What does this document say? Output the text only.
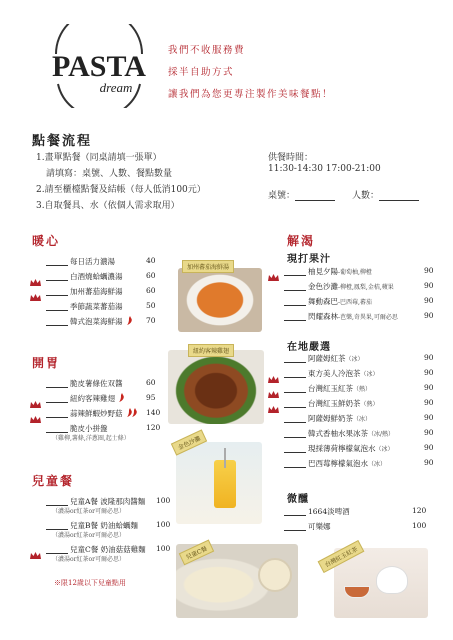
PASTA
dream
我們不收服務費
採半自助方式
讓我們為您更專注製作美味餐點！
點餐流程
1.畫單點餐（同桌請填一張單）
請填寫：桌號、人數、餐點數量
2.請至櫃檯點餐及結帳（每人低消100元）
3.自取餐具、水（依個人需求取用）
供餐時間：
11:30-14:30 17:00-21:00
桌號：	人數：
暖心
每日活力濃湯	40
白酒燒蛤蠣濃湯	60
加州蕃茄海鮮湯	60
季節蔬菜蕃茄湯	50
韓式泡菜海鮮湯	70
開胃
脆皮薯條佐双醬	60
紐約客辣雞翅	95
蒜辣鮮蝦炒野菇	140
脆皮小拼盤	120
（雞柳,薯條,洋蔥圈,起士條）
兒童餐
兒童A餐 波隆那肉醬麵 100
（濃湯or紅茶or可爾必思）
兒童B餐 奶油蛤蠣麵 100
（濃湯or紅茶or可爾必思）
兒童C餐 奶油菇菇雞麵 100
（濃湯or紅茶or可爾必思）
※限12歲以下兒童點用
解渴
現打果汁
柚見夕陽 -葡萄柚,柳橙	90
金色沙灘 -柳橙,鳳梨,金桔,蘋果	90
舞動森巴 -巴西莓,蕃茄	90
閃耀森林 -芭樂,奇異果,可爾必思	90
在地嚴選
阿薩姆紅茶 （冰）	90
東方美人冷泡茶 （冰）	90
台灣紅玉紅茶 （熱）	90
台灣紅玉鮮奶茶 （熱）	90
阿薩姆鮮奶茶 （冰）	90
韓式香柚水果冰茶 （冰/熱）	90
現採薄荷檸檬氣泡水 （冰）	90
巴西莓檸檬氣泡水 （冰）	90
微醺
1664淡啤酒	120
可樂娜	100
加州蕃茄海鮮湯
紐約客辣雞翅
金色沙灘
兒童C餐	台灣紅玉紅茶
